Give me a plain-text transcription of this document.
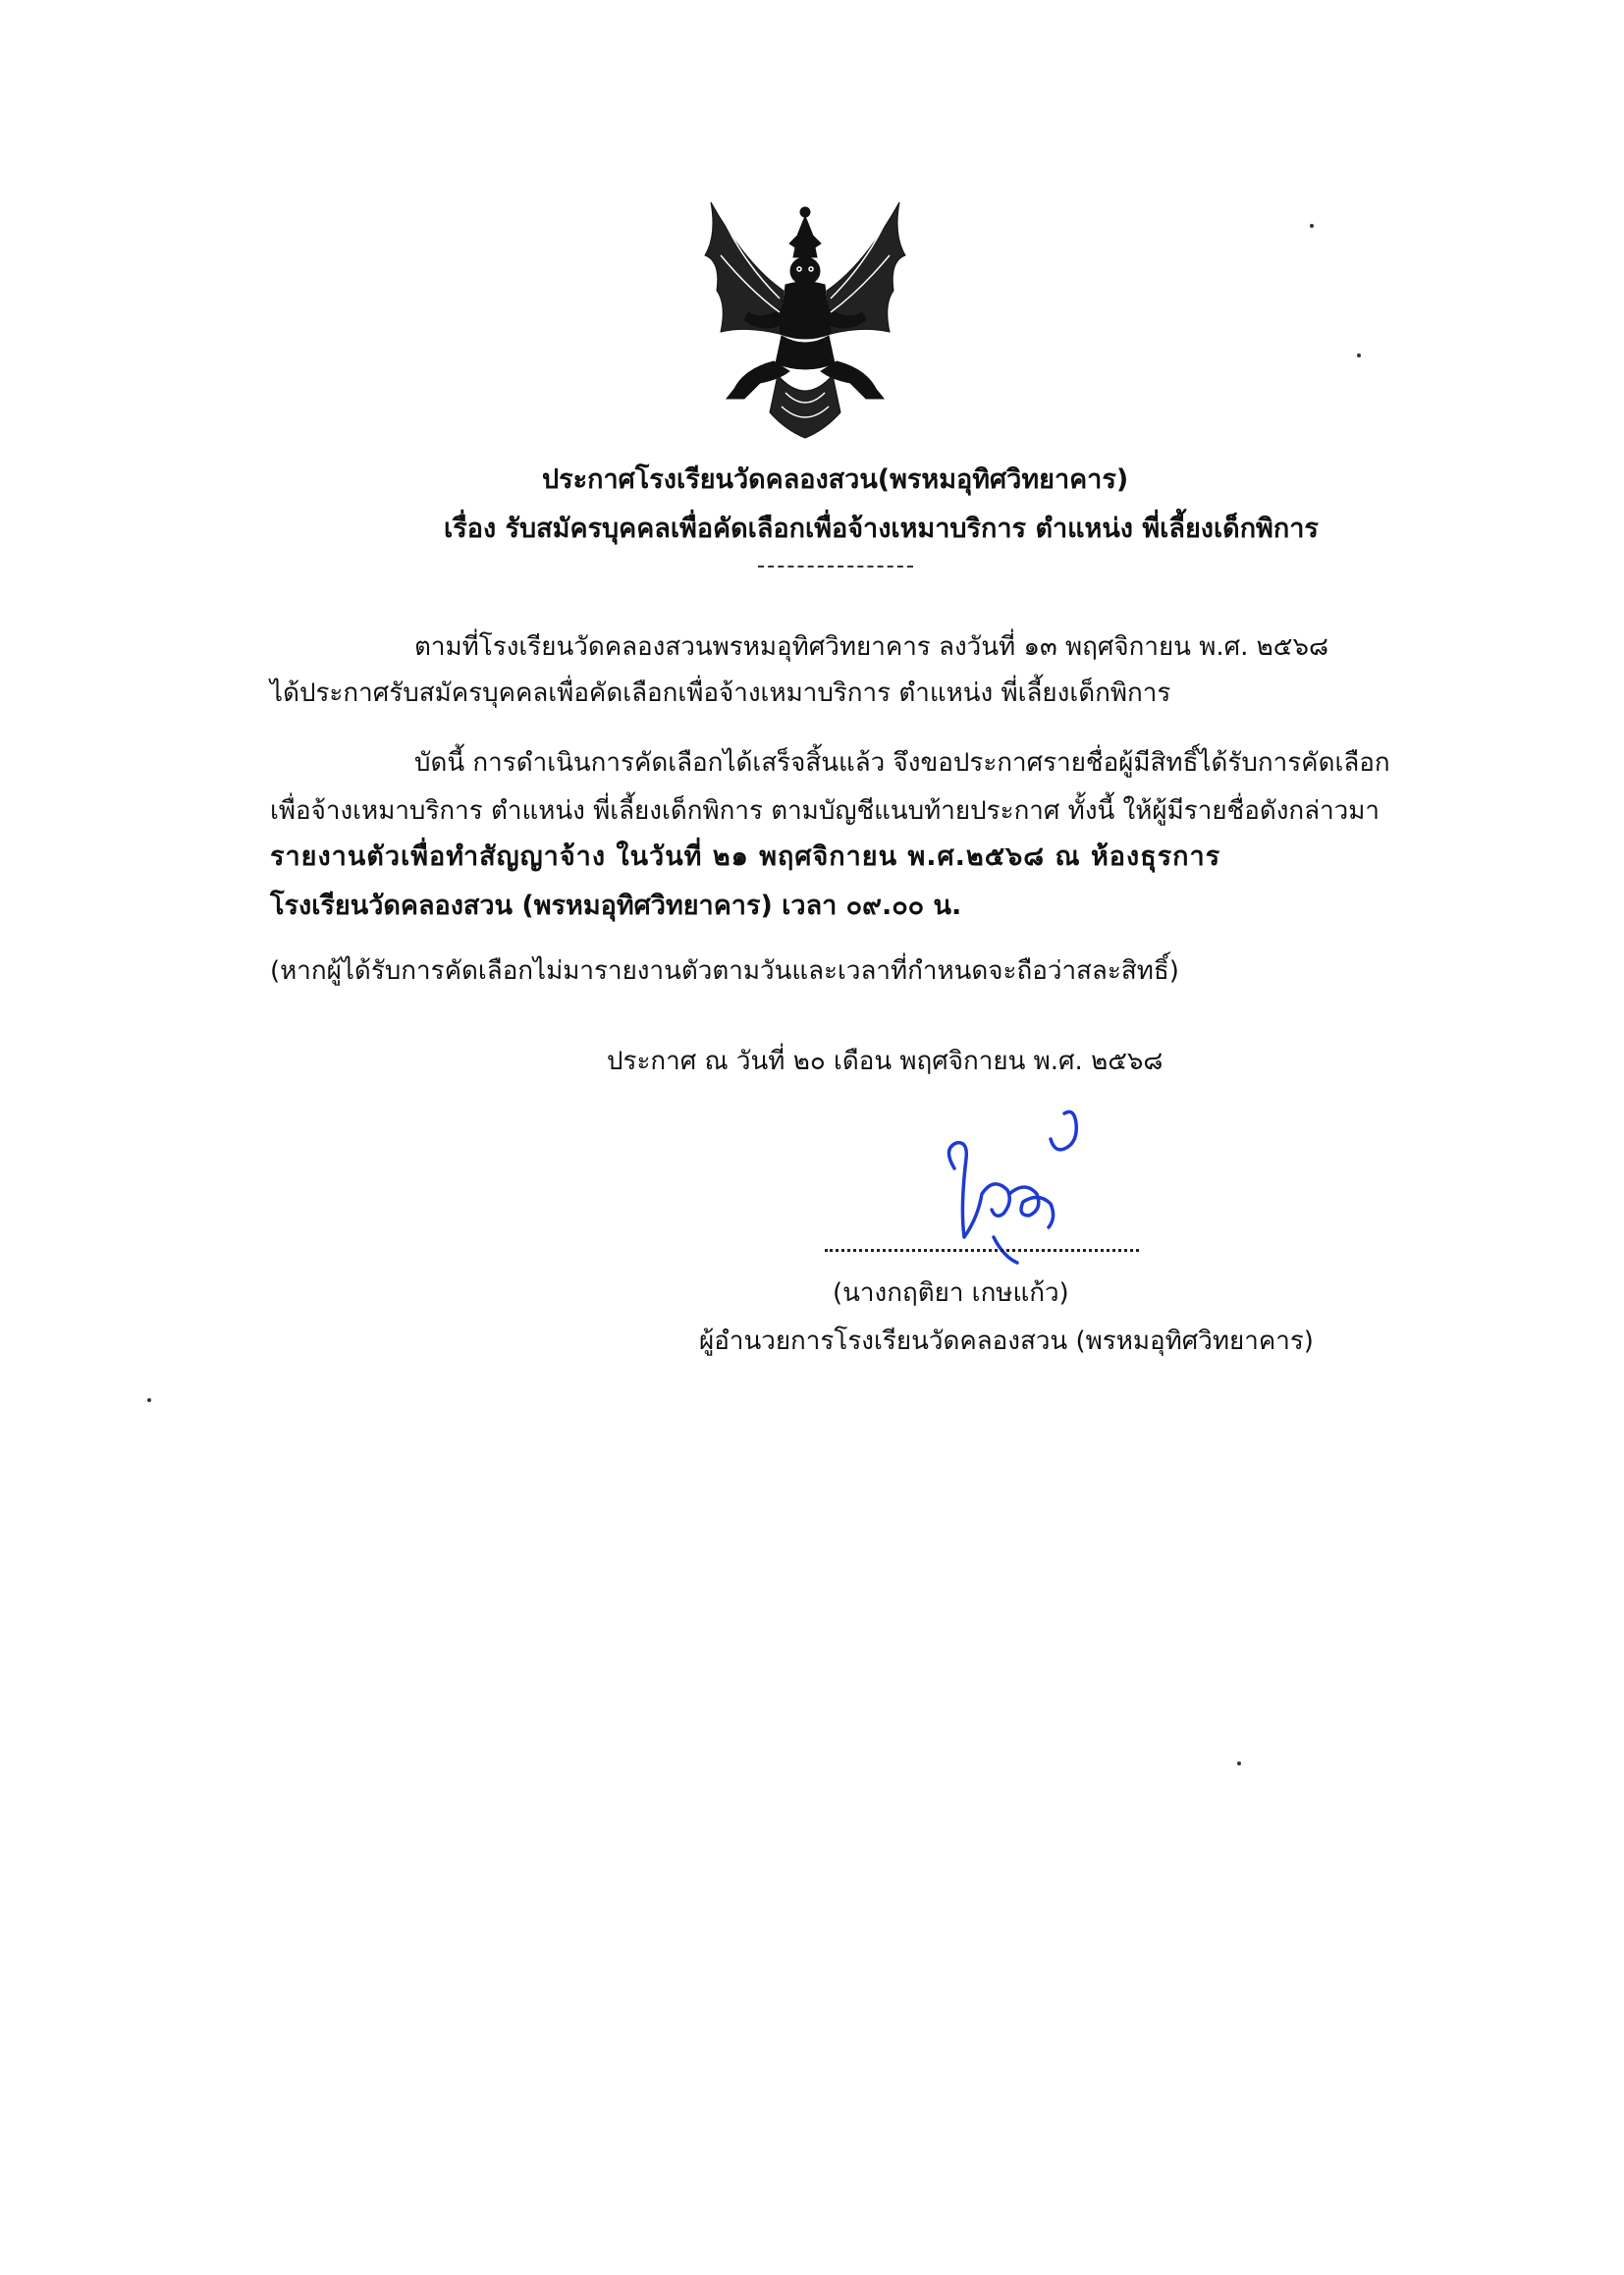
ประกาศโรงเรียนวัดคลองสวน(พรหมอุทิศวิทยาคาร)
เรื่อง รับสมัครบุคคลเพื่อคัดเลือกเพื่อจ้างเหมาบริการ ตำแหน่ง พี่เลี้ยงเด็กพิการ
ตามที่โรงเรียนวัดคลองสวนพรหมอุทิศวิทยาคาร ลงวันที่ ๑๓ พฤศจิกายน พ.ศ. ๒๕๖๘
ได้ประกาศรับสมัครบุคคลเพื่อคัดเลือกเพื่อจ้างเหมาบริการ ตำแหน่ง พี่เลี้ยงเด็กพิการ
บัดนี้ การดำเนินการคัดเลือกได้เสร็จสิ้นแล้ว จึงขอประกาศรายชื่อผู้มีสิทธิ์ได้รับการคัดเลือก
เพื่อจ้างเหมาบริการ ตำแหน่ง พี่เลี้ยงเด็กพิการ ตามบัญชีแนบท้ายประกาศ ทั้งนี้ ให้ผู้มีรายชื่อดังกล่าวมา
รายงานตัวเพื่อทำสัญญาจ้าง ในวันที่ ๒๑ พฤศจิกายน พ.ศ.๒๕๖๘ ณ ห้องธุรการ
โรงเรียนวัดคลองสวน (พรหมอุทิศวิทยาคาร) เวลา ๐๙.๐๐ น.
(หากผู้ได้รับการคัดเลือกไม่มารายงานตัวตามวันและเวลาที่กำหนดจะถือว่าสละสิทธิ์)
ประกาศ ณ วันที่ ๒๐ เดือน พฤศจิกายน พ.ศ. ๒๕๖๘
(นางกฤติยา เกษแก้ว)
ผู้อำนวยการโรงเรียนวัดคลองสวน (พรหมอุทิศวิทยาคาร)
